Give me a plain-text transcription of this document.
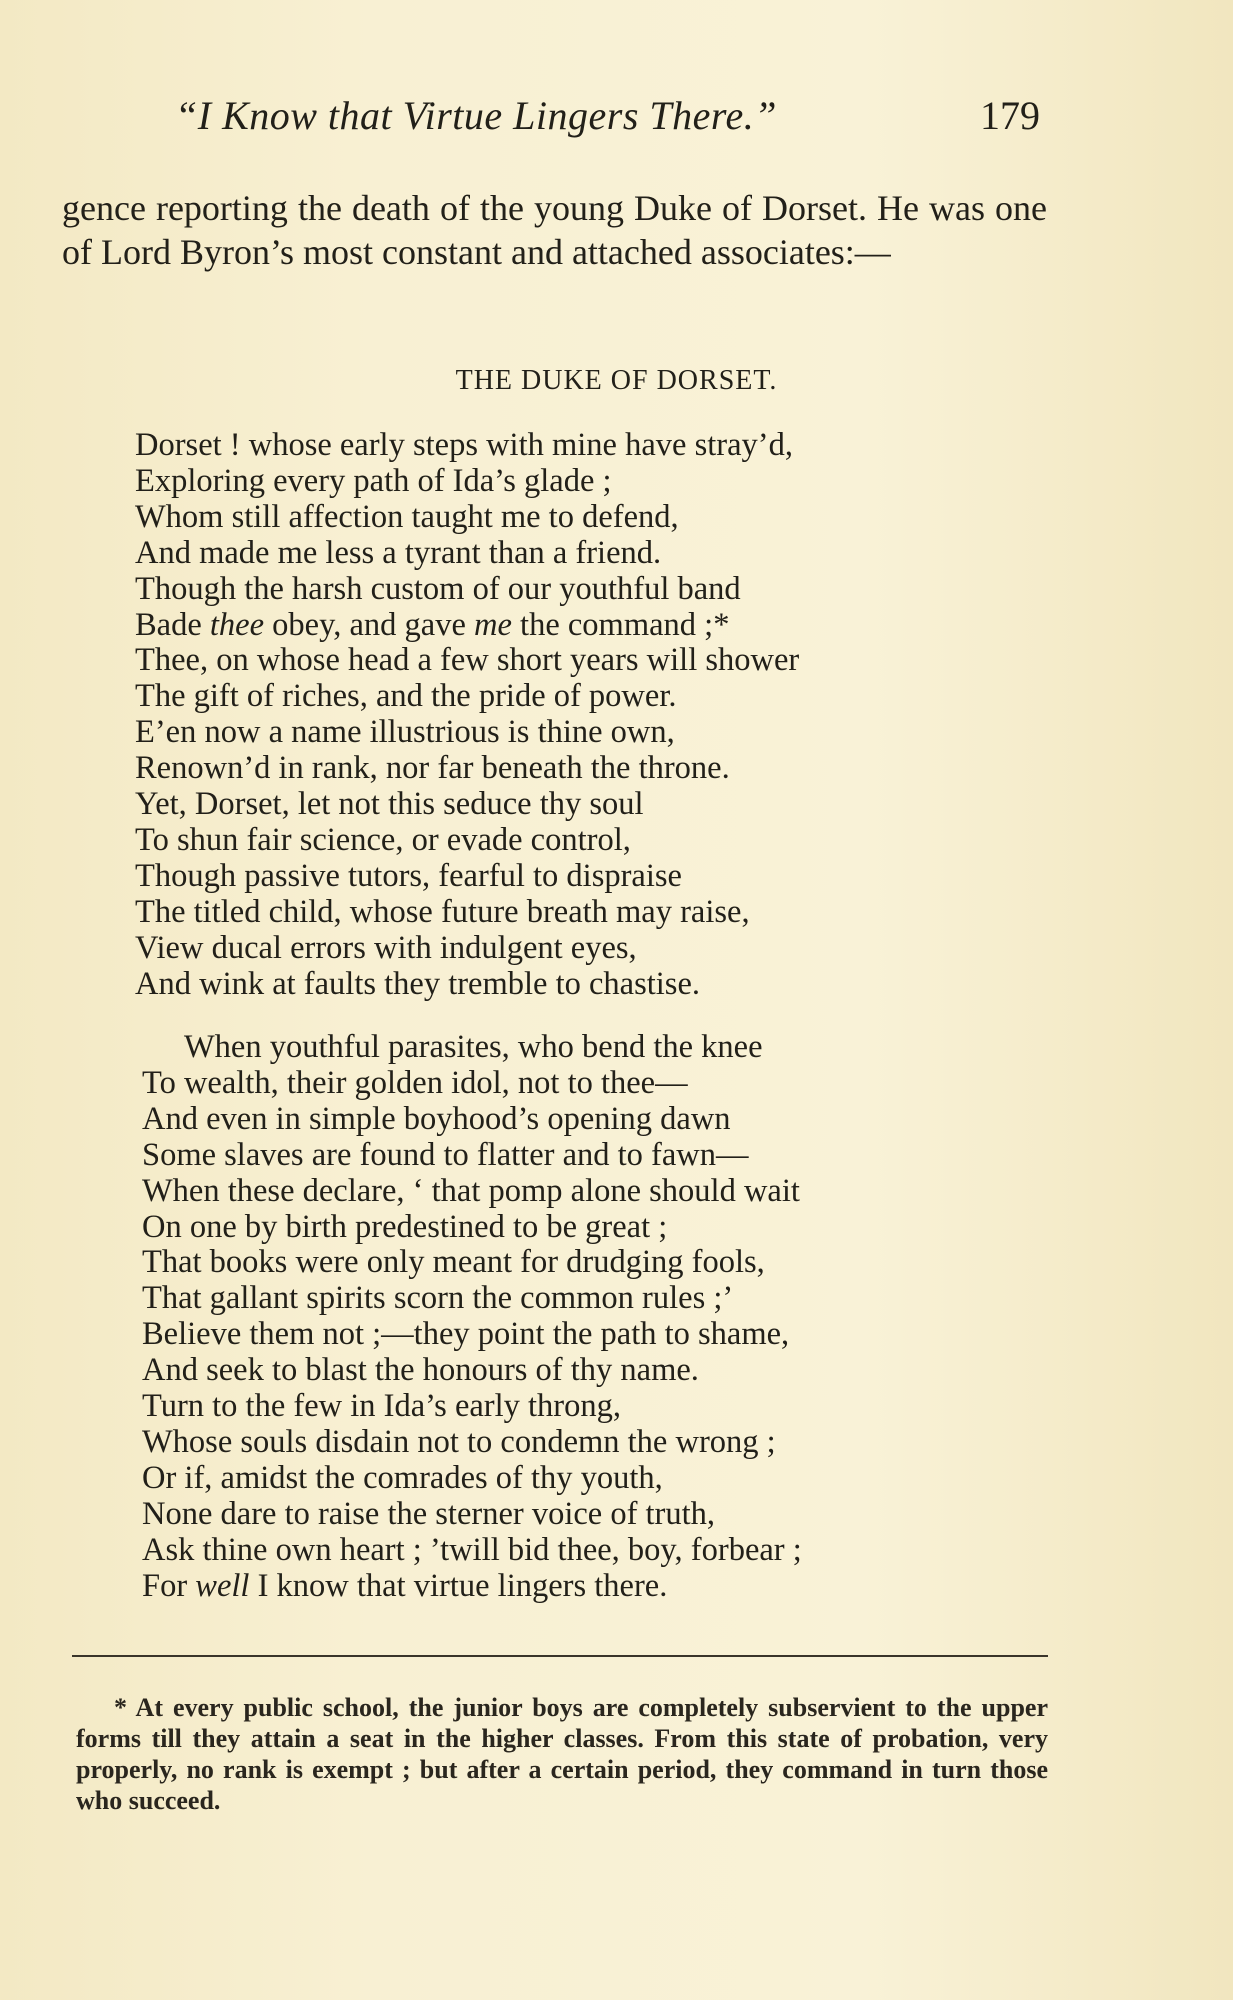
“I Know that Virtue Lingers There.”	179

gence reporting the death of the young Duke of Dorset. He was one of Lord Byron’s most constant and attached associates:—

THE DUKE OF DORSET.
Dorset ! whose early steps with mine have stray’d,
Exploring every path of Ida’s glade ;
Whom still affection taught me to defend,
And made me less a tyrant than a friend.
Though the harsh custom of our youthful band
Bade thee obey, and gave me the command ;*
Thee, on whose head a few short years will shower
The gift of riches, and the pride of power.
E’en now a name illustrious is thine own,
Renown’d in rank, nor far beneath the throne.
Yet, Dorset, let not this seduce thy soul
To shun fair science, or evade control,
Though passive tutors, fearful to dispraise
The titled child, whose future breath may raise,
View ducal errors with indulgent eyes,
And wink at faults they tremble to chastise.
When youthful parasites, who bend the knee
To wealth, their golden idol, not to thee—
And even in simple boyhood’s opening dawn
Some slaves are found to flatter and to fawn—
When these declare, ‘ that pomp alone should wait
On one by birth predestined to be great ;
That books were only meant for drudging fools,
That gallant spirits scorn the common rules ;’
Believe them not ;—they point the path to shame,
And seek to blast the honours of thy name.
Turn to the few in Ida’s early throng,
Whose souls disdain not to condemn the wrong ;
Or if, amidst the comrades of thy youth,
None dare to raise the sterner voice of truth,
Ask thine own heart ; ’twill bid thee, boy, forbear ;
For well I know that virtue lingers there.

* At every public school, the junior boys are completely subservient to the upper forms till they attain a seat in the higher classes. From this state of probation, very properly, no rank is exempt ; but after a certain period, they command in turn those who succeed.
